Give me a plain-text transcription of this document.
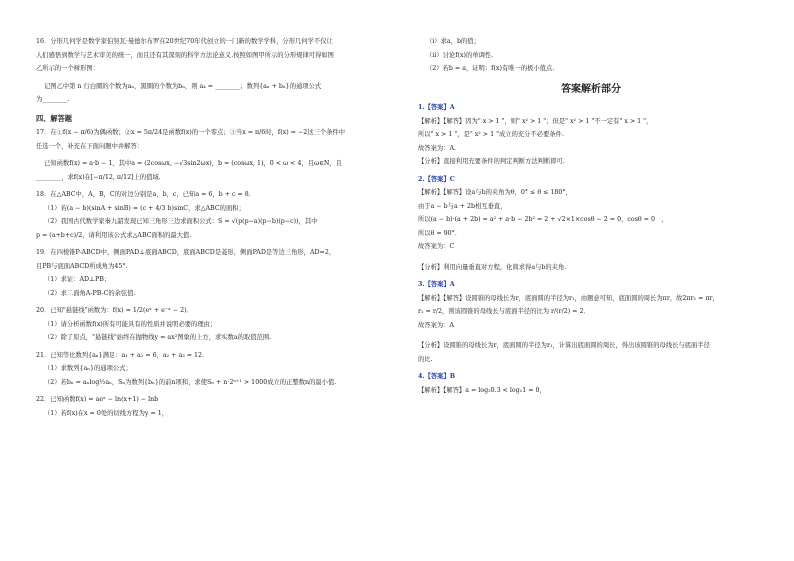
16．分形几何学是数学家伯努瓦·曼德尔布罗在20世纪70年代创立的一门新的数学学科，分形几何学不仅让

人们感悟到数学与艺术审美的统一，而且还有其深刻的科学方法论意义.按照如图甲所示的分形规律可得如图

乙所示的一个树形图：

记图乙中第 n 行白圈的个数为aₙ，黑圈的个数为bₙ，则 a₄ = ________；数列{aₙ + bₙ}的通项公式

为________.

四、解答题

17．在①f(x − π/6)为偶函数；②x = 5π/24是函数f(x)的一个零点；③当x = π/6时，f(x) = −2这三个条件中

任选一个，补充在下面问题中并解答：

已知函数f(x) = a·b − 1，其中a = (2cosωx, −√3sin2ωx)，b = (cosωx, 1)，0 < ω < 4，且ω∈N，且

________，求f(x)在[−π/12, π/12]上的值域.

18．在△ABC中，A，B，C的对边分别是a，b，c，已知a = 6，b + c = 8．

（1）若(a − b)(sinA + sinB) = (c + 4/3 b)sinC，求△ABC的面积；

（2）我国古代数学家秦九韶发现已知三角形三边求面积公式：S = √(p(p−a)(p−b)(p−c))，其中

p = (a+b+c)/2，请利用该公式求△ABC面积的最大值.

19．在四棱锥P-ABCD中，侧面PAD⊥底面ABCD，底面ABCD是菱形，侧面PAD是等边三角形，AD=2，

且PB与底面ABCD所成角为45°.

（1）求证：AD⊥PB；

（2）求二面角A-PB-C的余弦值.

20．已知"悬链线"函数为：f(x) = 1/2(eˣ + e⁻ˣ − 2)．

（1）请分析函数f(x)所有可能具有的性质并说明必要的理由；

（2）除了原点，"悬链线"始终在抛物线y = ax²图象的上方，求实数a的取值范围.

21．已知等比数列{aₙ}满足：a₁ + a₂ = 6，a₂ + a₃ = 12．

（1）求数列{aₙ}的通项公式；

（2）若bₙ = aₙlog½aₙ，Sₙ为数列{bₙ}的前n项和，求使Sₙ + n·2ⁿ⁺¹ > 1000成立的正整数n的最小值.

22．已知函数f(x) = aeˣ − ln(x+1) − lnb

（1）若f(x)在x = 0处的切线方程为y = 1，

（i）求a，b的值；

（ii）讨论f(x)的单调性.

（2）若b = a，证明：f(x)有唯一的极小值点.

答案解析部分

1.【答案】A

【解析】【解答】因为" x > 1 "，则" x² > 1 "；但是" x² > 1 "不一定有" x > 1 "，

所以" x > 1 "，是" x² > 1 "成立的充分不必要条件.

故答案为：A.

【分析】直接利用充要条件的判定判断方法判断即可.

2.【答案】C

【解析】【解答】设a与b的夹角为θ，0° ≤ θ ≤ 180°，

由于a − b与a + 2b相互垂直，

所以(a − b)·(a + 2b) = a² + a·b − 2b² = 2 + √2×1×cosθ − 2 = 0，cosθ = 0　，

所以θ = 90°．

故答案为：C

【分析】利用向量垂直对方程，化简求得a与b的夹角.

3.【答案】A

【解析】【解答】设圆锥的母线长为r，底面圆的半径为r₁，由题意可知，底面圆的周长为πr，故2πr₁ = πr，

r₁ = r/2，则该圆锥的母线长与底面半径的比为 r/(r/2) = 2．

故答案为：A

【分析】设圆锥的母线长为r，底面圆的半径为r₁，计算出底面圆的周长，得出该圆锥的母线长与底面半径

的比.

4.【答案】B

【解析】【解答】a = log₂0.3 < log₂1 = 0，
